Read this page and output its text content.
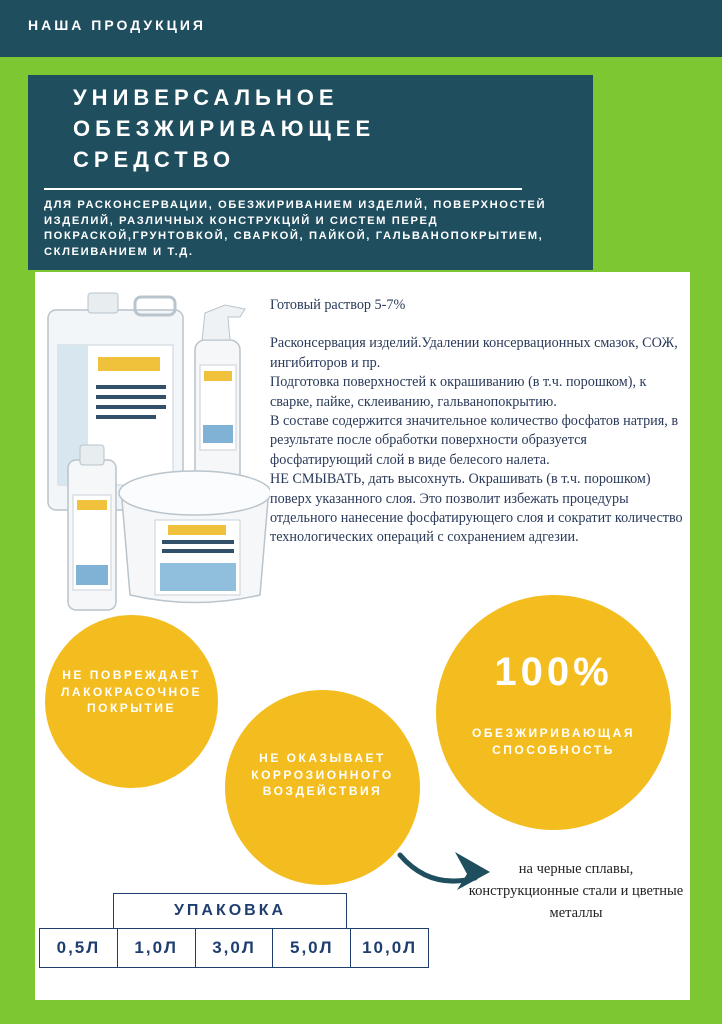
НАША ПРОДУКЦИЯ
УНИВЕРСАЛЬНОЕ
ОБЕЗЖИРИВАЮЩЕЕ
СРЕДСТВО
ДЛЯ РАСКОНСЕРВАЦИИ, ОБЕЗЖИРИВАНИЕМ ИЗДЕЛИЙ, ПОВЕРХНОСТЕЙ ИЗДЕЛИЙ, РАЗЛИЧНЫХ КОНСТРУКЦИЙ И СИСТЕМ ПЕРЕД ПОКРАСКОЙ,ГРУНТОВКОЙ, СВАРКОЙ, ПАЙКОЙ, ГАЛЬВАНОПОКРЫТИЕМ, СКЛЕИВАНИЕМ И Т.Д.

Готовый раствор 5-7%

Расконсервация изделий.Удалении консервационных смазок, СОЖ, ингибиторов и пр.

Подготовка поверхностей к окрашиванию (в т.ч. порошком), к сварке, пайке, склеиванию, гальванопокрытию.

В составе содержится значительное количество фосфатов натрия, в результате после обработки поверхности образуется фосфатирующий слой в виде белесого налета.

НЕ СМЫВАТЬ, дать высохнуть. Окрашивать (в т.ч. порошком) поверх указанного слоя. Это позволит избежать процедуры отдельного нанесение фосфатирующего слоя и сократит количество технологических операций с сохранением адгезии.

НЕ ПОВРЕЖДАЕТ ЛАКОКРАСОЧНОЕ ПОКРЫТИЕ
НЕ ОКАЗЫВАЕТ КОРРОЗИОННОГО ВОЗДЕЙСТВИЯ
100%
ОБЕЗЖИРИВАЮЩАЯ СПОСОБНОСТЬ
на черные сплавы, конструкционные стали и цветные металлы
УПАКОВКА
0,5Л	1,0Л	3,0Л	5,0Л	10,0Л
